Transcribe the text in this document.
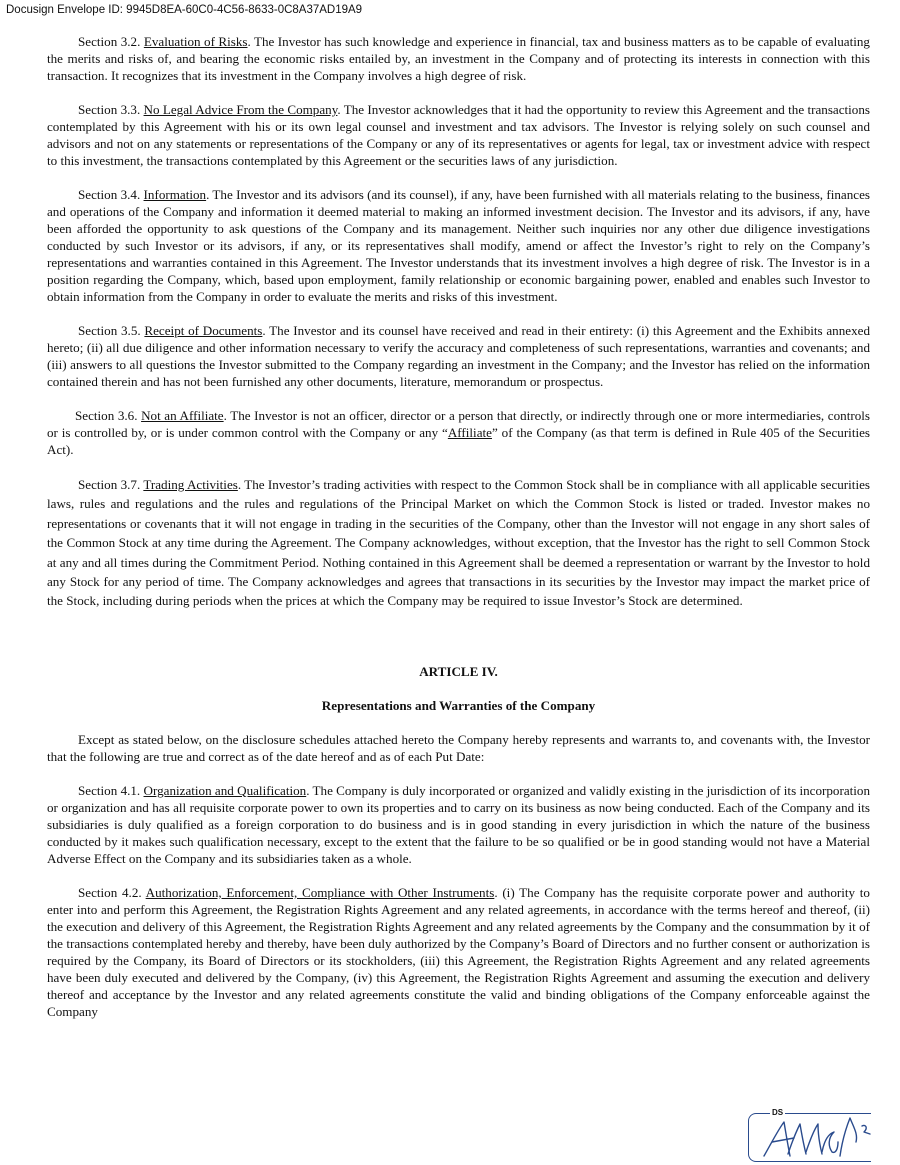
Docusign Envelope ID: 9945D8EA-60C0-4C56-8633-0C8A37AD19A9

Section 3.2. Evaluation of Risks. The Investor has such knowledge and experience in financial, tax and business matters as to be capable of evaluating the merits and risks of, and bearing the economic risks entailed by, an investment in the Company and of protecting its interests in connection with this transaction. It recognizes that its investment in the Company involves a high degree of risk.

Section 3.3. No Legal Advice From the Company. The Investor acknowledges that it had the opportunity to review this Agreement and the transactions contemplated by this Agreement with his or its own legal counsel and investment and tax advisors. The Investor is relying solely on such counsel and advisors and not on any statements or representations of the Company or any of its representatives or agents for legal, tax or investment advice with respect to this investment, the transactions contemplated by this Agreement or the securities laws of any jurisdiction.

Section 3.4. Information. The Investor and its advisors (and its counsel), if any, have been furnished with all materials relating to the business, finances and operations of the Company and information it deemed material to making an informed investment decision. The Investor and its advisors, if any, have been afforded the opportunity to ask questions of the Company and its management. Neither such inquiries nor any other due diligence investigations conducted by such Investor or its advisors, if any, or its representatives shall modify, amend or affect the Investor’s right to rely on the Company’s representations and warranties contained in this Agreement. The Investor understands that its investment involves a high degree of risk. The Investor is in a position regarding the Company, which, based upon employment, family relationship or economic bargaining power, enabled and enables such Investor to obtain information from the Company in order to evaluate the merits and risks of this investment.

Section 3.5. Receipt of Documents. The Investor and its counsel have received and read in their entirety: (i) this Agreement and the Exhibits annexed hereto; (ii) all due diligence and other information necessary to verify the accuracy and completeness of such representations, warranties and covenants; and (iii) answers to all questions the Investor submitted to the Company regarding an investment in the Company; and the Investor has relied on the information contained therein and has not been furnished any other documents, literature, memorandum or prospectus.

Section 3.6. Not an Affiliate. The Investor is not an officer, director or a person that directly, or indirectly through one or more intermediaries, controls or is controlled by, or is under common control with the Company or any “Affiliate” of the Company (as that term is defined in Rule 405 of the Securities Act).

Section 3.7. Trading Activities. The Investor’s trading activities with respect to the Common Stock shall be in compliance with all applicable securities laws, rules and regulations and the rules and regulations of the Principal Market on which the Common Stock is listed or traded. Investor makes no representations or covenants that it will not engage in trading in the securities of the Company, other than the Investor will not engage in any short sales of the Common Stock at any time during the Agreement. The Company acknowledges, without exception, that the Investor has the right to sell Common Stock at any and all times during the Commitment Period. Nothing contained in this Agreement shall be deemed a representation or warrant by the Investor to hold any Stock for any period of time. The Company acknowledges and agrees that transactions in its securities by the Investor may impact the market price of the Stock, including during periods when the prices at which the Company may be required to issue Investor’s Stock are determined.

ARTICLE IV.

Representations and Warranties of the Company

Except as stated below, on the disclosure schedules attached hereto the Company hereby represents and warrants to, and covenants with, the Investor that the following are true and correct as of the date hereof and as of each Put Date:

Section 4.1. Organization and Qualification. The Company is duly incorporated or organized and validly existing in the jurisdiction of its incorporation or organization and has all requisite corporate power to own its properties and to carry on its business as now being conducted. Each of the Company and its subsidiaries is duly qualified as a foreign corporation to do business and is in good standing in every jurisdiction in which the nature of the business conducted by it makes such qualification necessary, except to the extent that the failure to be so qualified or be in good standing would not have a Material Adverse Effect on the Company and its subsidiaries taken as a whole.

Section 4.2. Authorization, Enforcement, Compliance with Other Instruments. (i) The Company has the requisite corporate power and authority to enter into and perform this Agreement, the Registration Rights Agreement and any related agreements, in accordance with the terms hereof and thereof, (ii) the execution and delivery of this Agreement, the Registration Rights Agreement and any related agreements by the Company and the consummation by it of the transactions contemplated hereby and thereby, have been duly authorized by the Company’s Board of Directors and no further consent or authorization is required by the Company, its Board of Directors or its stockholders, (iii) this Agreement, the Registration Rights Agreement and any related agreements have been duly executed and delivered by the Company, (iv) this Agreement, the Registration Rights Agreement and assuming the execution and delivery thereof and acceptance by the Investor and any related agreements constitute the valid and binding obligations of the Company enforceable against the Company

DS
